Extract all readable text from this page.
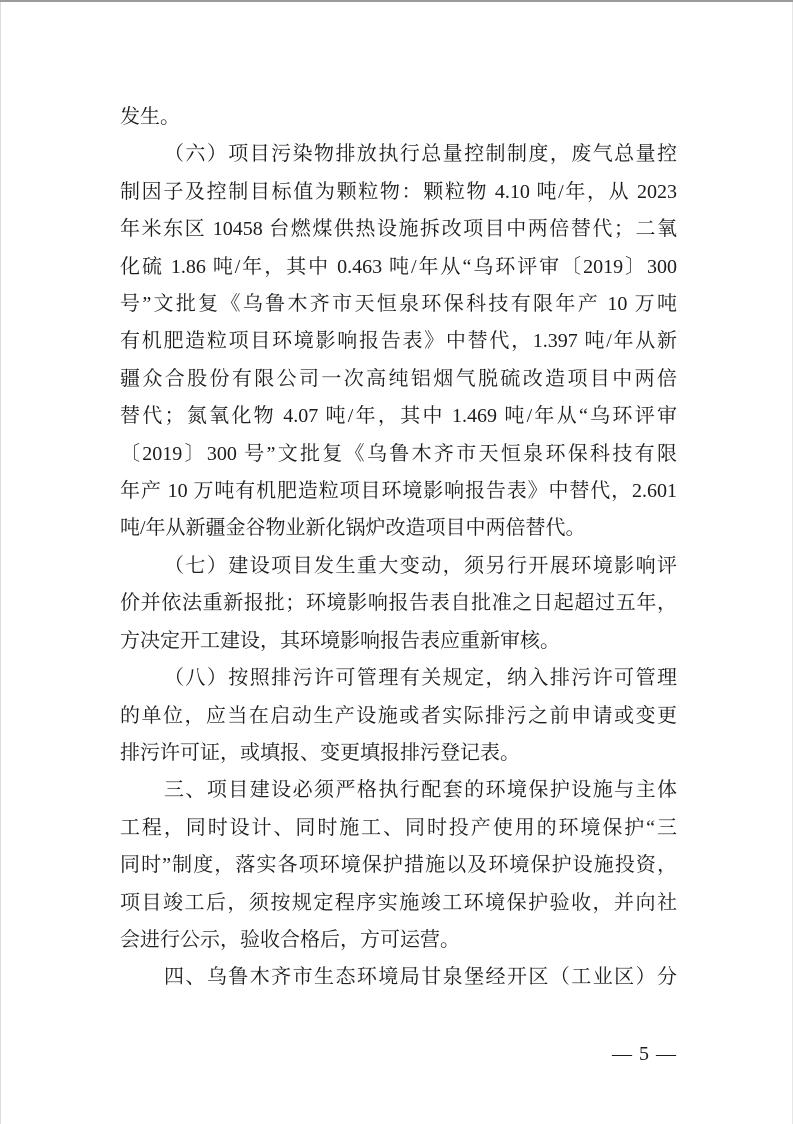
发生。
（六）项目污染物排放执行总量控制制度，废气总量控
制因子及控制目标值为颗粒物：颗粒物 4.10 吨/年，从 2023
年米东区 10458 台燃煤供热设施拆改项目中两倍替代；二氧
化硫 1.86 吨/年，其中 0.463 吨/年从“乌环评审〔2019〕300
号”文批复《乌鲁木齐市天恒泉环保科技有限年产 10 万吨
有机肥造粒项目环境影响报告表》中替代，1.397 吨/年从新
疆众合股份有限公司一次高纯铝烟气脱硫改造项目中两倍
替代；氮氧化物 4.07 吨/年，其中 1.469 吨/年从“乌环评审
〔2019〕300 号”文批复《乌鲁木齐市天恒泉环保科技有限
年产 10 万吨有机肥造粒项目环境影响报告表》中替代，2.601
吨/年从新疆金谷物业新化锅炉改造项目中两倍替代。
（七）建设项目发生重大变动，须另行开展环境影响评
价并依法重新报批；环境影响报告表自批准之日起超过五年，
方决定开工建设，其环境影响报告表应重新审核。
（八）按照排污许可管理有关规定，纳入排污许可管理
的单位，应当在启动生产设施或者实际排污之前申请或变更
排污许可证，或填报、变更填报排污登记表。
三、项目建设必须严格执行配套的环境保护设施与主体
工程，同时设计、同时施工、同时投产使用的环境保护“三
同时”制度，落实各项环境保护措施以及环境保护设施投资，
项目竣工后，须按规定程序实施竣工环境保护验收，并向社
会进行公示，验收合格后，方可运营。
四、乌鲁木齐市生态环境局甘泉堡经开区（工业区）分
— 5 —
